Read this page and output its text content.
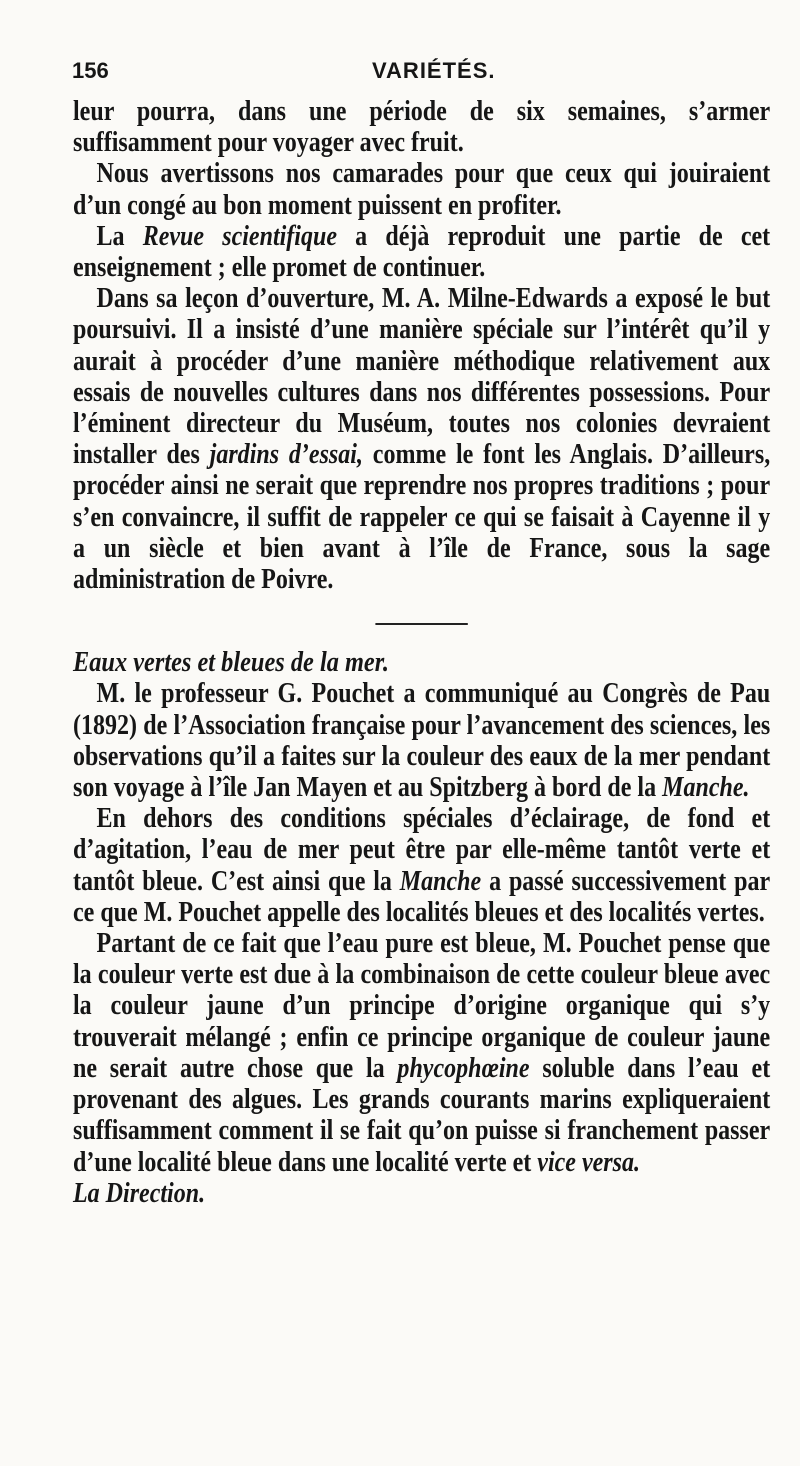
156	VARIÉTÉS.

leur pourra, dans une période de six semaines, s’armer suffisamment pour voyager avec fruit.

Nous avertissons nos camarades pour que ceux qui jouiraient d’un congé au bon moment puissent en profiter.

La Revue scientifique a déjà reproduit une partie de cet enseignement ; elle promet de continuer.

Dans sa leçon d’ouverture, M. A. Milne-Edwards a exposé le but poursuivi. Il a insisté d’une manière spéciale sur l’intérêt qu’il y aurait à procéder d’une manière méthodique relativement aux essais de nouvelles cultures dans nos différentes possessions. Pour l’éminent directeur du Muséum, toutes nos colonies devraient installer des jardins d’essai, comme le font les Anglais. D’ailleurs, procéder ainsi ne serait que reprendre nos propres traditions ; pour s’en convaincre, il suffit de rappeler ce qui se faisait à Cayenne il y a un siècle et bien avant à l’île de France, sous la sage administration de Poivre.

Eaux vertes et bleues de la mer.

M. le professeur G. Pouchet a communiqué au Congrès de Pau (1892) de l’Association française pour l’avancement des sciences, les observations qu’il a faites sur la couleur des eaux de la mer pendant son voyage à l’île Jan Mayen et au Spitzberg à bord de la Manche.

En dehors des conditions spéciales d’éclairage, de fond et d’agitation, l’eau de mer peut être par elle-même tantôt verte et tantôt bleue. C’est ainsi que la Manche a passé successivement par ce que M. Pouchet appelle des localités bleues et des localités vertes.

Partant de ce fait que l’eau pure est bleue, M. Pouchet pense que la couleur verte est due à la combinaison de cette couleur bleue avec la couleur jaune d’un principe d’origine organique qui s’y trouverait mélangé ; enfin ce principe organique de couleur jaune ne serait autre chose que la phycophœine soluble dans l’eau et provenant des algues. Les grands courants marins expliqueraient suffisamment comment il se fait qu’on puisse si franchement passer d’une localité bleue dans une localité verte et vice versa.

La Direction.
